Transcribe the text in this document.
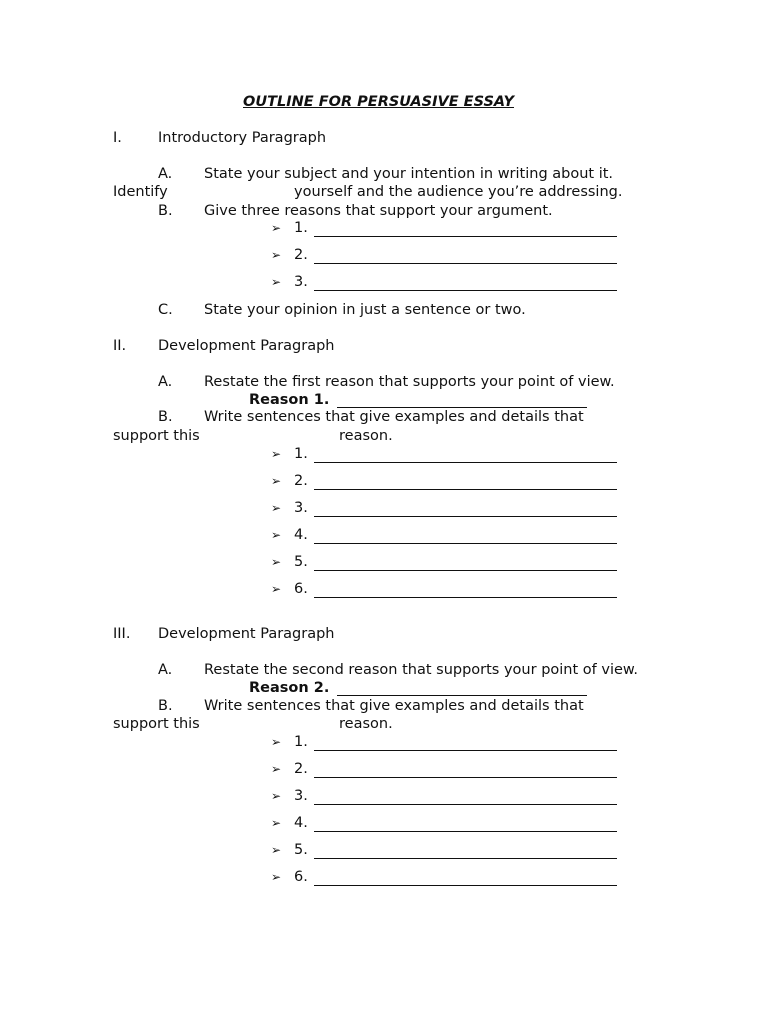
OUTLINE FOR PERSUASIVE ESSAY
I. Introductory Paragraph
A. State your subject and your intention in writing about it.
Identify	yourself and the audience you’re addressing.
B. Give three reasons that support your argument.
➢ 1.
➢ 2.
➢ 3.
C. State your opinion in just a sentence or two.
II. Development Paragraph
A. Restate the first reason that supports your point of view.
Reason 1.
B. Write sentences that give examples and details that
support this	reason.
➢ 1.
➢ 2.
➢ 3.
➢ 4.
➢ 5.
➢ 6.
III. Development Paragraph
A. Restate the second reason that supports your point of view.
Reason 2.
B. Write sentences that give examples and details that
support this	reason.
➢ 1.
➢ 2.
➢ 3.
➢ 4.
➢ 5.
➢ 6.
